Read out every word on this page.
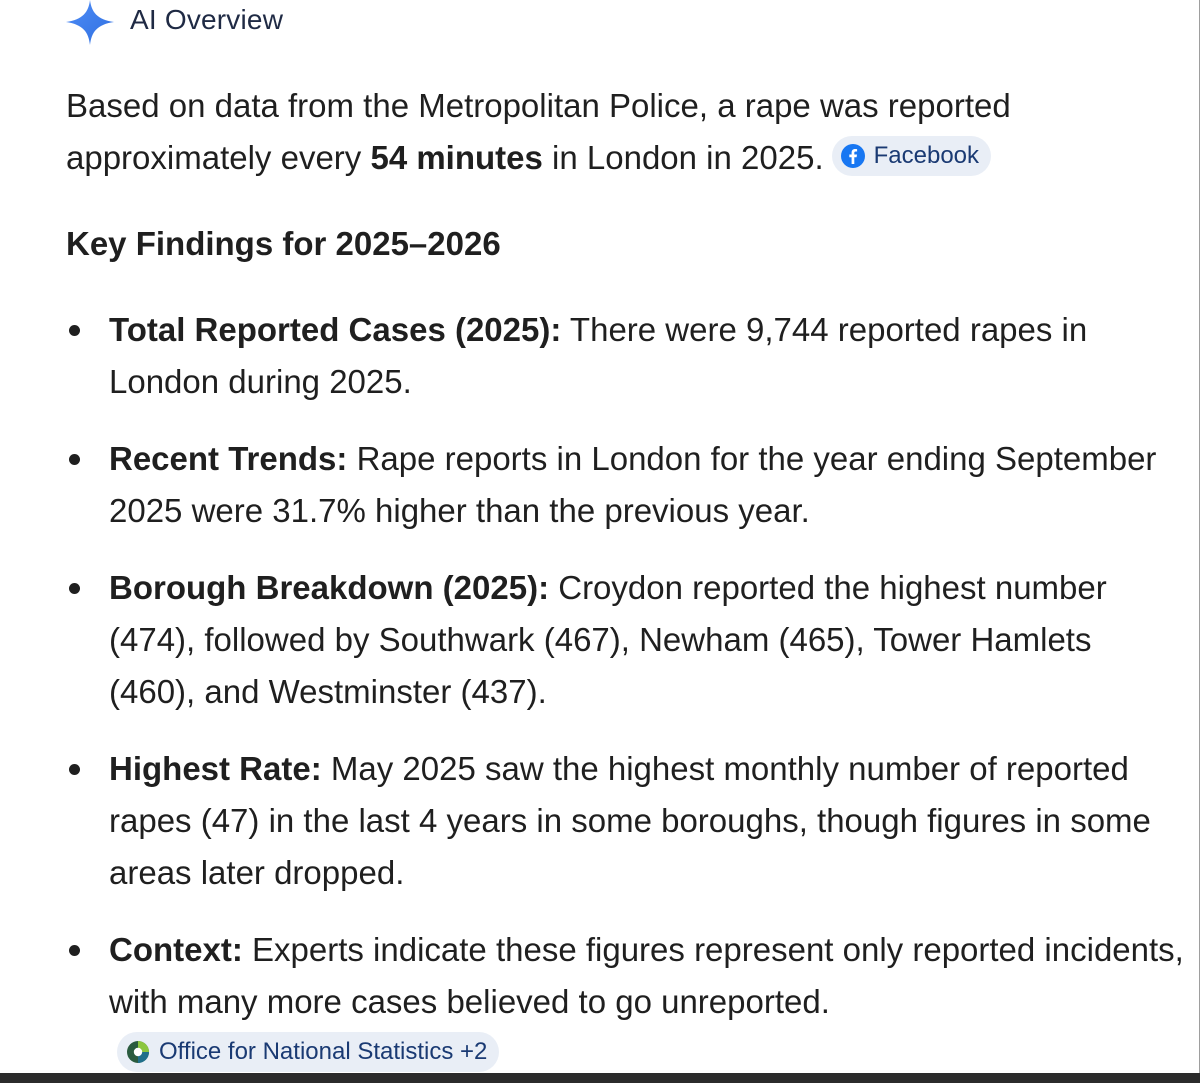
AI Overview

Based on data from the Metropolitan Police, a rape was reported approximately every 54 minutes in London in 2025. Facebook

Key Findings for 2025–2026
Total Reported Cases (2025): There were 9,744 reported rapes in London during 2025.
Recent Trends: Rape reports in London for the year ending September 2025 were 31.7% higher than the previous year.
Borough Breakdown (2025): Croydon reported the highest number (474), followed by Southwark (467), Newham (465), Tower Hamlets (460), and Westminster (437).
Highest Rate: May 2025 saw the highest monthly number of reported rapes (47) in the last 4 years in some boroughs, though figures in some areas later dropped.
Context: Experts indicate these figures represent only reported incidents, with many more cases believed to go unreported.
Office for National Statistics +2
